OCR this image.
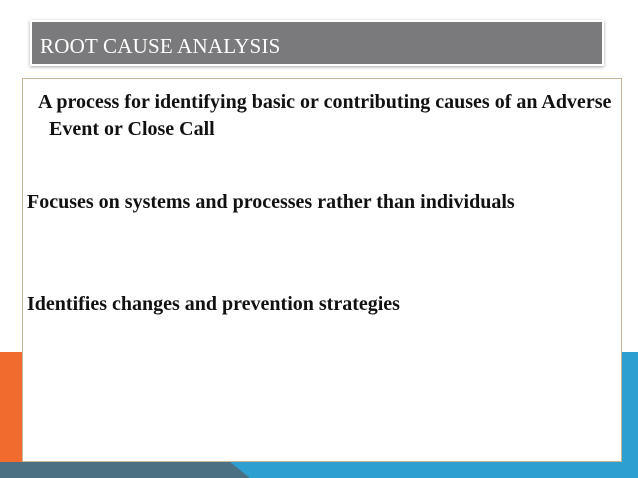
ROOT CAUSE ANALYSIS

A process for identifying basic or contributing causes of an Adverse Event or Close Call

Focuses on systems and processes rather than individuals

Identifies changes and prevention strategies
